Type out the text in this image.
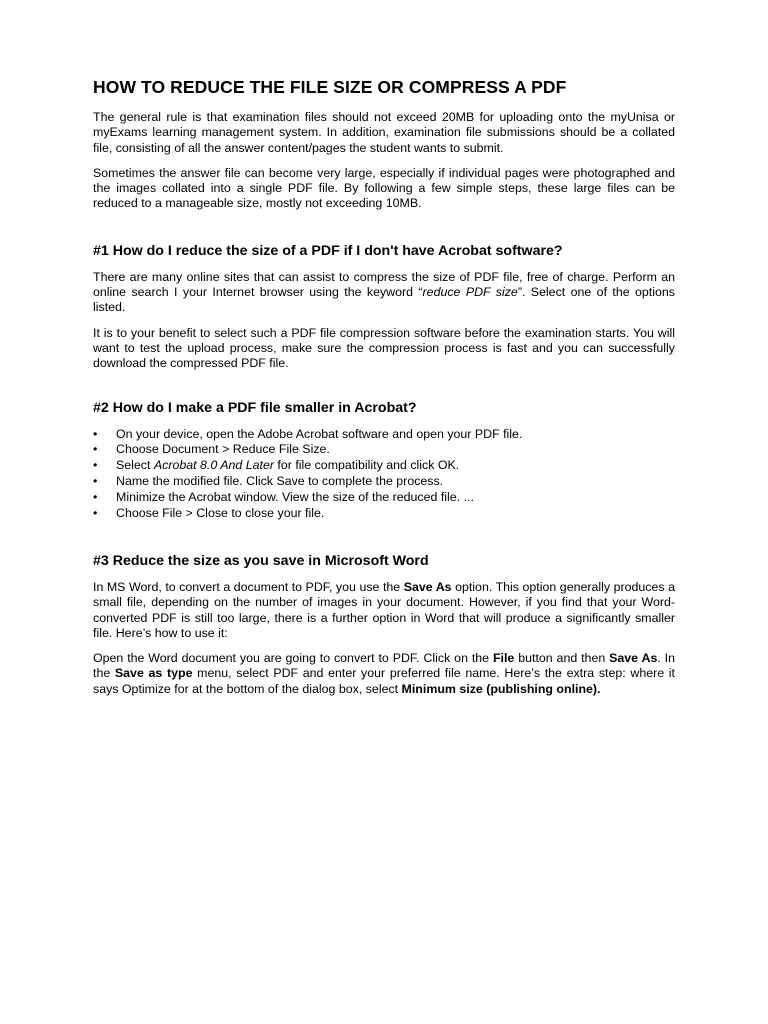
HOW TO REDUCE THE FILE SIZE OR COMPRESS A PDF

The general rule is that examination files should not exceed 20MB for uploading onto the myUnisa or myExams learning management system. In addition, examination file submissions should be a collated file, consisting of all the answer content/pages the student wants to submit.

Sometimes the answer file can become very large, especially if individual pages were photographed and the images collated into a single PDF file. By following a few simple steps, these large files can be reduced to a manageable size, mostly not exceeding 10MB.

#1 How do I reduce the size of a PDF if I don't have Acrobat software?

There are many online sites that can assist to compress the size of PDF file, free of charge. Perform an online search I your Internet browser using the keyword “reduce PDF size”. Select one of the options listed.

It is to your benefit to select such a PDF file compression software before the examination starts. You will want to test the upload process, make sure the compression process is fast and you can successfully download the compressed PDF file.

#2 How do I make a PDF file smaller in Acrobat?
• On your device, open the Adobe Acrobat software and open your PDF file.
• Choose Document > Reduce File Size.
• Select Acrobat 8.0 And Later for file compatibility and click OK.
• Name the modified file. Click Save to complete the process.
• Minimize the Acrobat window. View the size of the reduced file. ...
• Choose File > Close to close your file.
#3 Reduce the size as you save in Microsoft Word

In MS Word, to convert a document to PDF, you use the Save As option. This option generally produces a small file, depending on the number of images in your document. However, if you find that your Word-converted PDF is still too large, there is a further option in Word that will produce a significantly smaller file. Here’s how to use it:

Open the Word document you are going to convert to PDF. Click on the File button and then Save As. In the Save as type menu, select PDF and enter your preferred file name. Here’s the extra step: where it says Optimize for at the bottom of the dialog box, select Minimum size (publishing online).
